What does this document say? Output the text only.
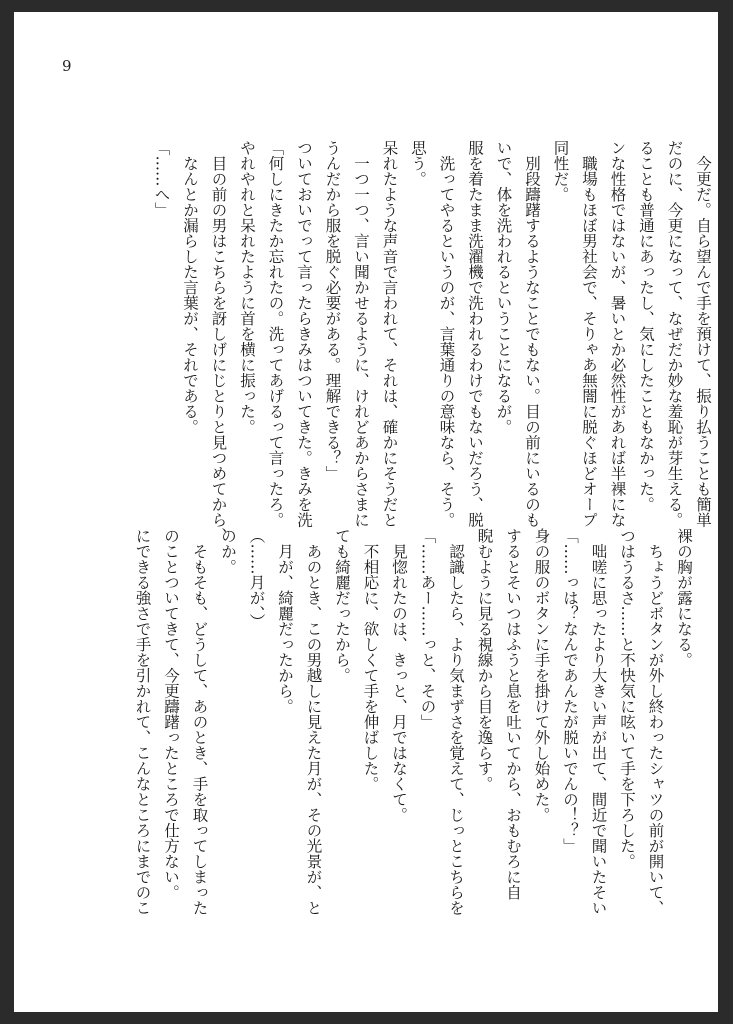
9

　今更だ。自ら望んで手を預けて、振り払うことも簡単

だのに、今更になって、なぜだか妙な羞恥が芽生える。

ることも普通にあったし、気にしたこともなかった。

ンな性格ではないが、暑いとか必然性があれば半裸にな

　職場もほぼ男社会で、そりゃあ無闇に脱ぐほどオープ

同性だ。

　別段躊躇するようなことでもない。目の前にいるのも

いで、体を洗われるということになるが。

服を着たまま洗濯機で洗われるわけでもないだろう、脱

　洗ってやるというのが、言葉通りの意味なら、そう。

思う。

呆れたような声音で言われて、それは、確かにそうだと

　一つ一つ、言い聞かせるように、けれどあからさまに

うんだから服を脱ぐ必要がある。理解できる？」

ついておいでって言ったらきみはついてきた。きみを洗

「何しにきたか忘れたの。洗ってあげるって言ったろ。

やれやれと呆れたように首を横に振った。

　目の前の男はこちらを訝しげにじとりと見つめてから、

　なんとか漏らした言葉が、それである。

「……へ」

裸の胸が露になる。

　ちょうどボタンが外し終わったシャツの前が開いて、

つはうるさ……と不快気に呟いて手を下ろした。

　咄嗟に思ったより大きい声が出て、間近で聞いたそい

「……っは？なんであんたが脱いでんの！？」

身の服のボタンに手を掛けて外し始めた。

するとそいつはふうと息を吐いてから、おもむろに自

睨むように見る視線から目を逸らす。

　認識したら、より気まずさを覚えて、じっとこちらを

「……あー……っと、その」

　見惚れたのは、きっと、月ではなくて。

　不相応に、欲しくて手を伸ばした。

ても綺麗だったから。

　あのとき、この男越しに見えた月が、その光景が、と

　月が、綺麗だったから。

（……月が、）

のか。

　そもそも、どうして、あのとき、手を取ってしまった

のことついてきて、今更躊躇ったところで仕方ない。

にできる強さで手を引かれて、こんなところにまでのこ
